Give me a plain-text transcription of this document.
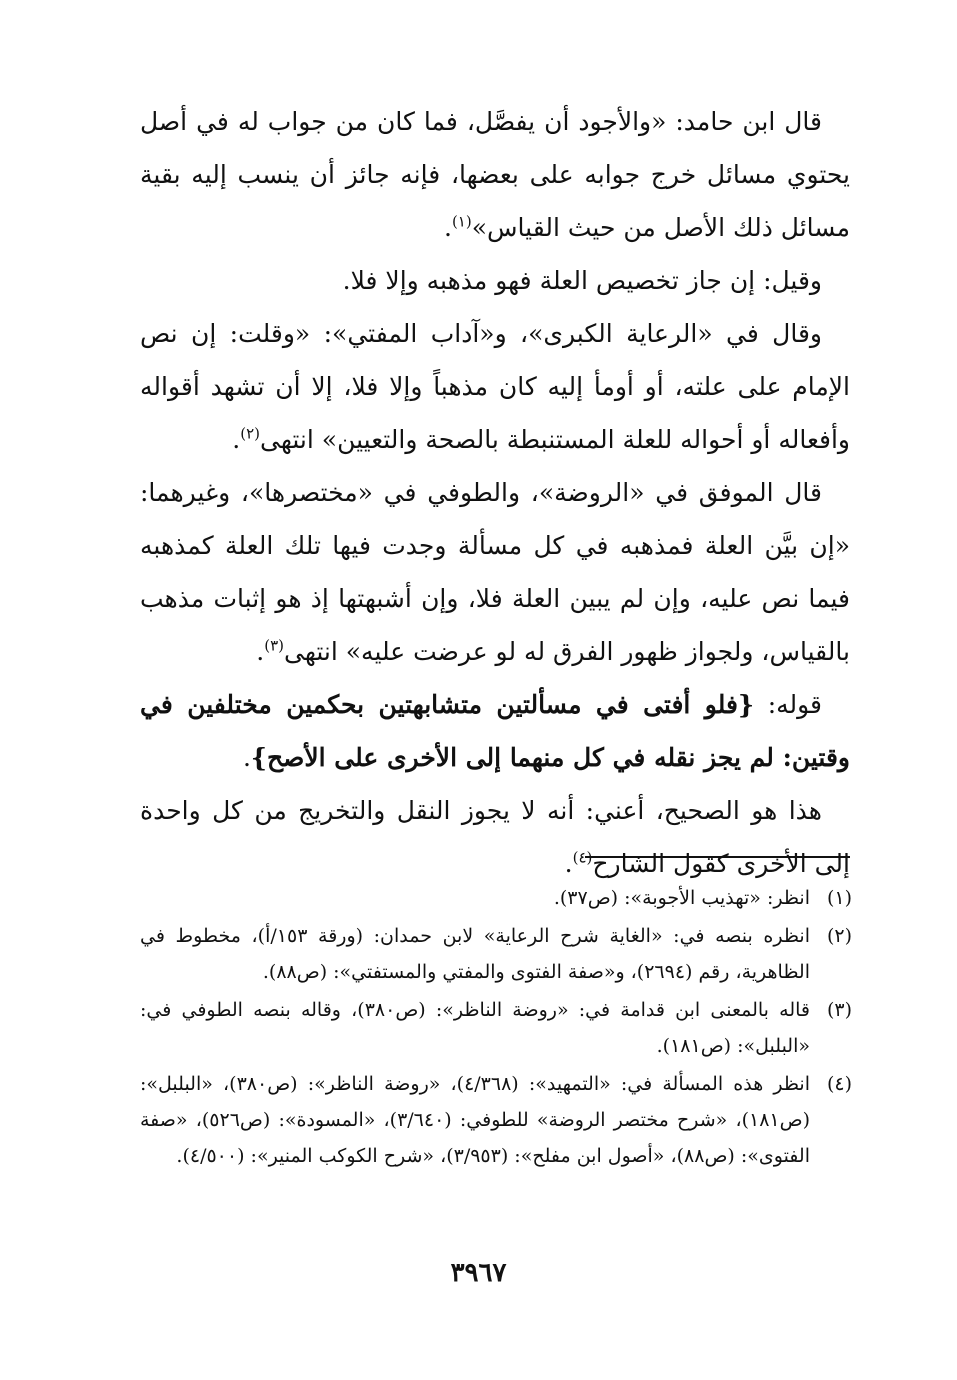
قال ابن حامد: «والأجود أن يفصَّل، فما كان من جواب له في أصل يحتوي مسائل خرج جوابه على بعضها، فإنه جائز أن ينسب إليه بقية مسائل ذلك الأصل من حيث القياس»$^{(١)}$.

وقيل: إن جاز تخصيص العلة فهو مذهبه وإلا فلا.

وقال في «الرعاية الكبرى»، و«آداب المفتي»: «وقلت: إن نص الإمام على علته، أو أومأ إليه كان مذهباً وإلا فلا، إلا أن تشهد أقواله وأفعاله أو أحواله للعلة المستنبطة بالصحة والتعيين» انتهى$^{(٢)}$.

قال الموفق في «الروضة»، والطوفي في «مختصرها»، وغيرهما: «إن بيَّن العلة فمذهبه في كل مسألة وجدت فيها تلك العلة كمذهبه فيما نص عليه، وإن لم يبين العلة فلا، وإن أشبهتها إذ هو إثبات مذهب بالقياس، ولجواز ظهور الفرق له لو عرضت عليه» انتهى$^{(٣)}$.

قوله: {فلو أفتى في مسألتين متشابهتين بحكمين مختلفين في وقتين: لم يجز نقله في كل منهما إلى الأخرى على الأصح}.

هذا هو الصحيح، أعني: أنه لا يجوز النقل والتخريج من كل واحدة إلى الأخرى كقول الشارح$^{(٤)}$.

(١)
انظر: «تهذيب الأجوبة»: (ص٣٧).
(٢)
انظره بنصه في: «الغاية شرح الرعاية» لابن حمدان: (ورقة ١٥٣/أ)، مخطوط في الظاهرية، رقم (٢٦٩٤)، و«صفة الفتوى والمفتي والمستفتي»: (ص٨٨).
(٣)
قاله بالمعنى ابن قدامة في: «روضة الناظر»: (ص٣٨٠)، وقاله بنصه الطوفي في: «البلبل»: (ص١٨١).
(٤)
انظر هذه المسألة في: «التمهيد»: (٤/٣٦٨)، «روضة الناظر»: (ص٣٨٠)، «البلبل»: (ص١٨١)، «شرح مختصر الروضة» للطوفي: (٣/٦٤٠)، «المسودة»: (ص٥٢٦)، «صفة الفتوى»: (ص٨٨)، «أصول ابن مفلح»: (٣/٩٥٣)، «شرح الكوكب المنير»: (٤/٥٠٠).
٣٩٦٧
